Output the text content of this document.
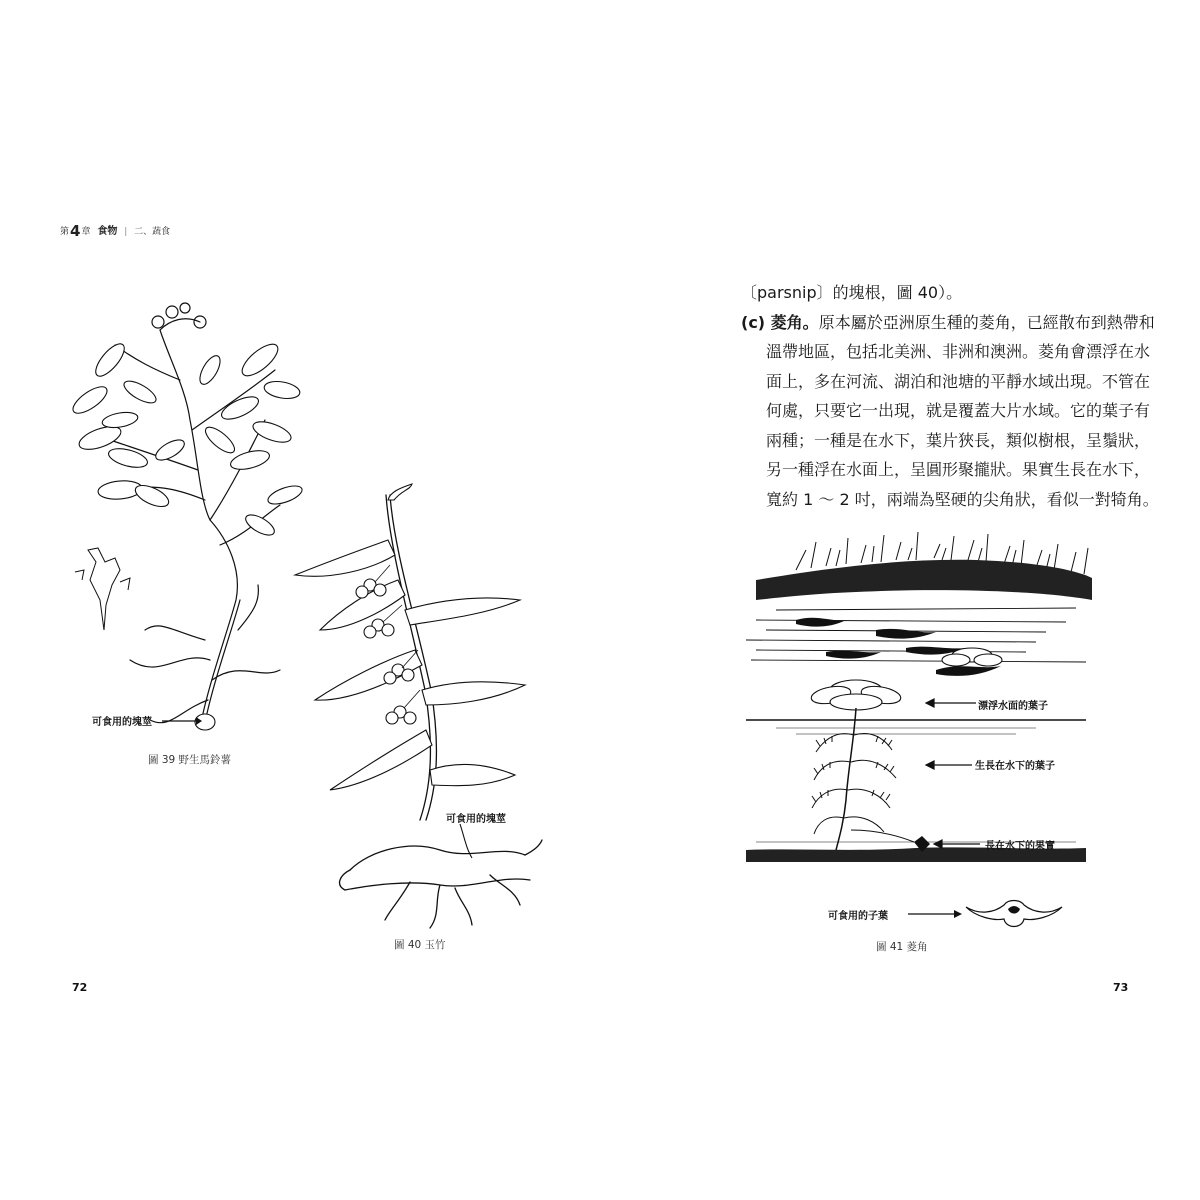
第4章 食物 | 二、蔬食
可食用的塊莖
圖 39 野生馬鈴薯
可食用的塊莖
圖 40 玉竹
72

〔parsnip〕的塊根，圖 40）。

(c) 菱角。原本屬於亞洲原生種的菱角，已經散布到熱帶和

溫帶地區，包括北美洲、非洲和澳洲。菱角會漂浮在水

面上，多在河流、湖泊和池塘的平靜水域出現。不管在

何處，只要它一出現，就是覆蓋大片水域。它的葉子有

兩種；一種是在水下，葉片狹長，類似樹根，呈鬚狀，

另一種浮在水面上，呈圓形聚攏狀。果實生長在水下，

寬約 1 ～ 2 吋，兩端為堅硬的尖角狀，看似一對犄角。

漂浮水面的葉子
生長在水下的葉子
長在水下的果實
可食用的子葉
圖 41 菱角
73
